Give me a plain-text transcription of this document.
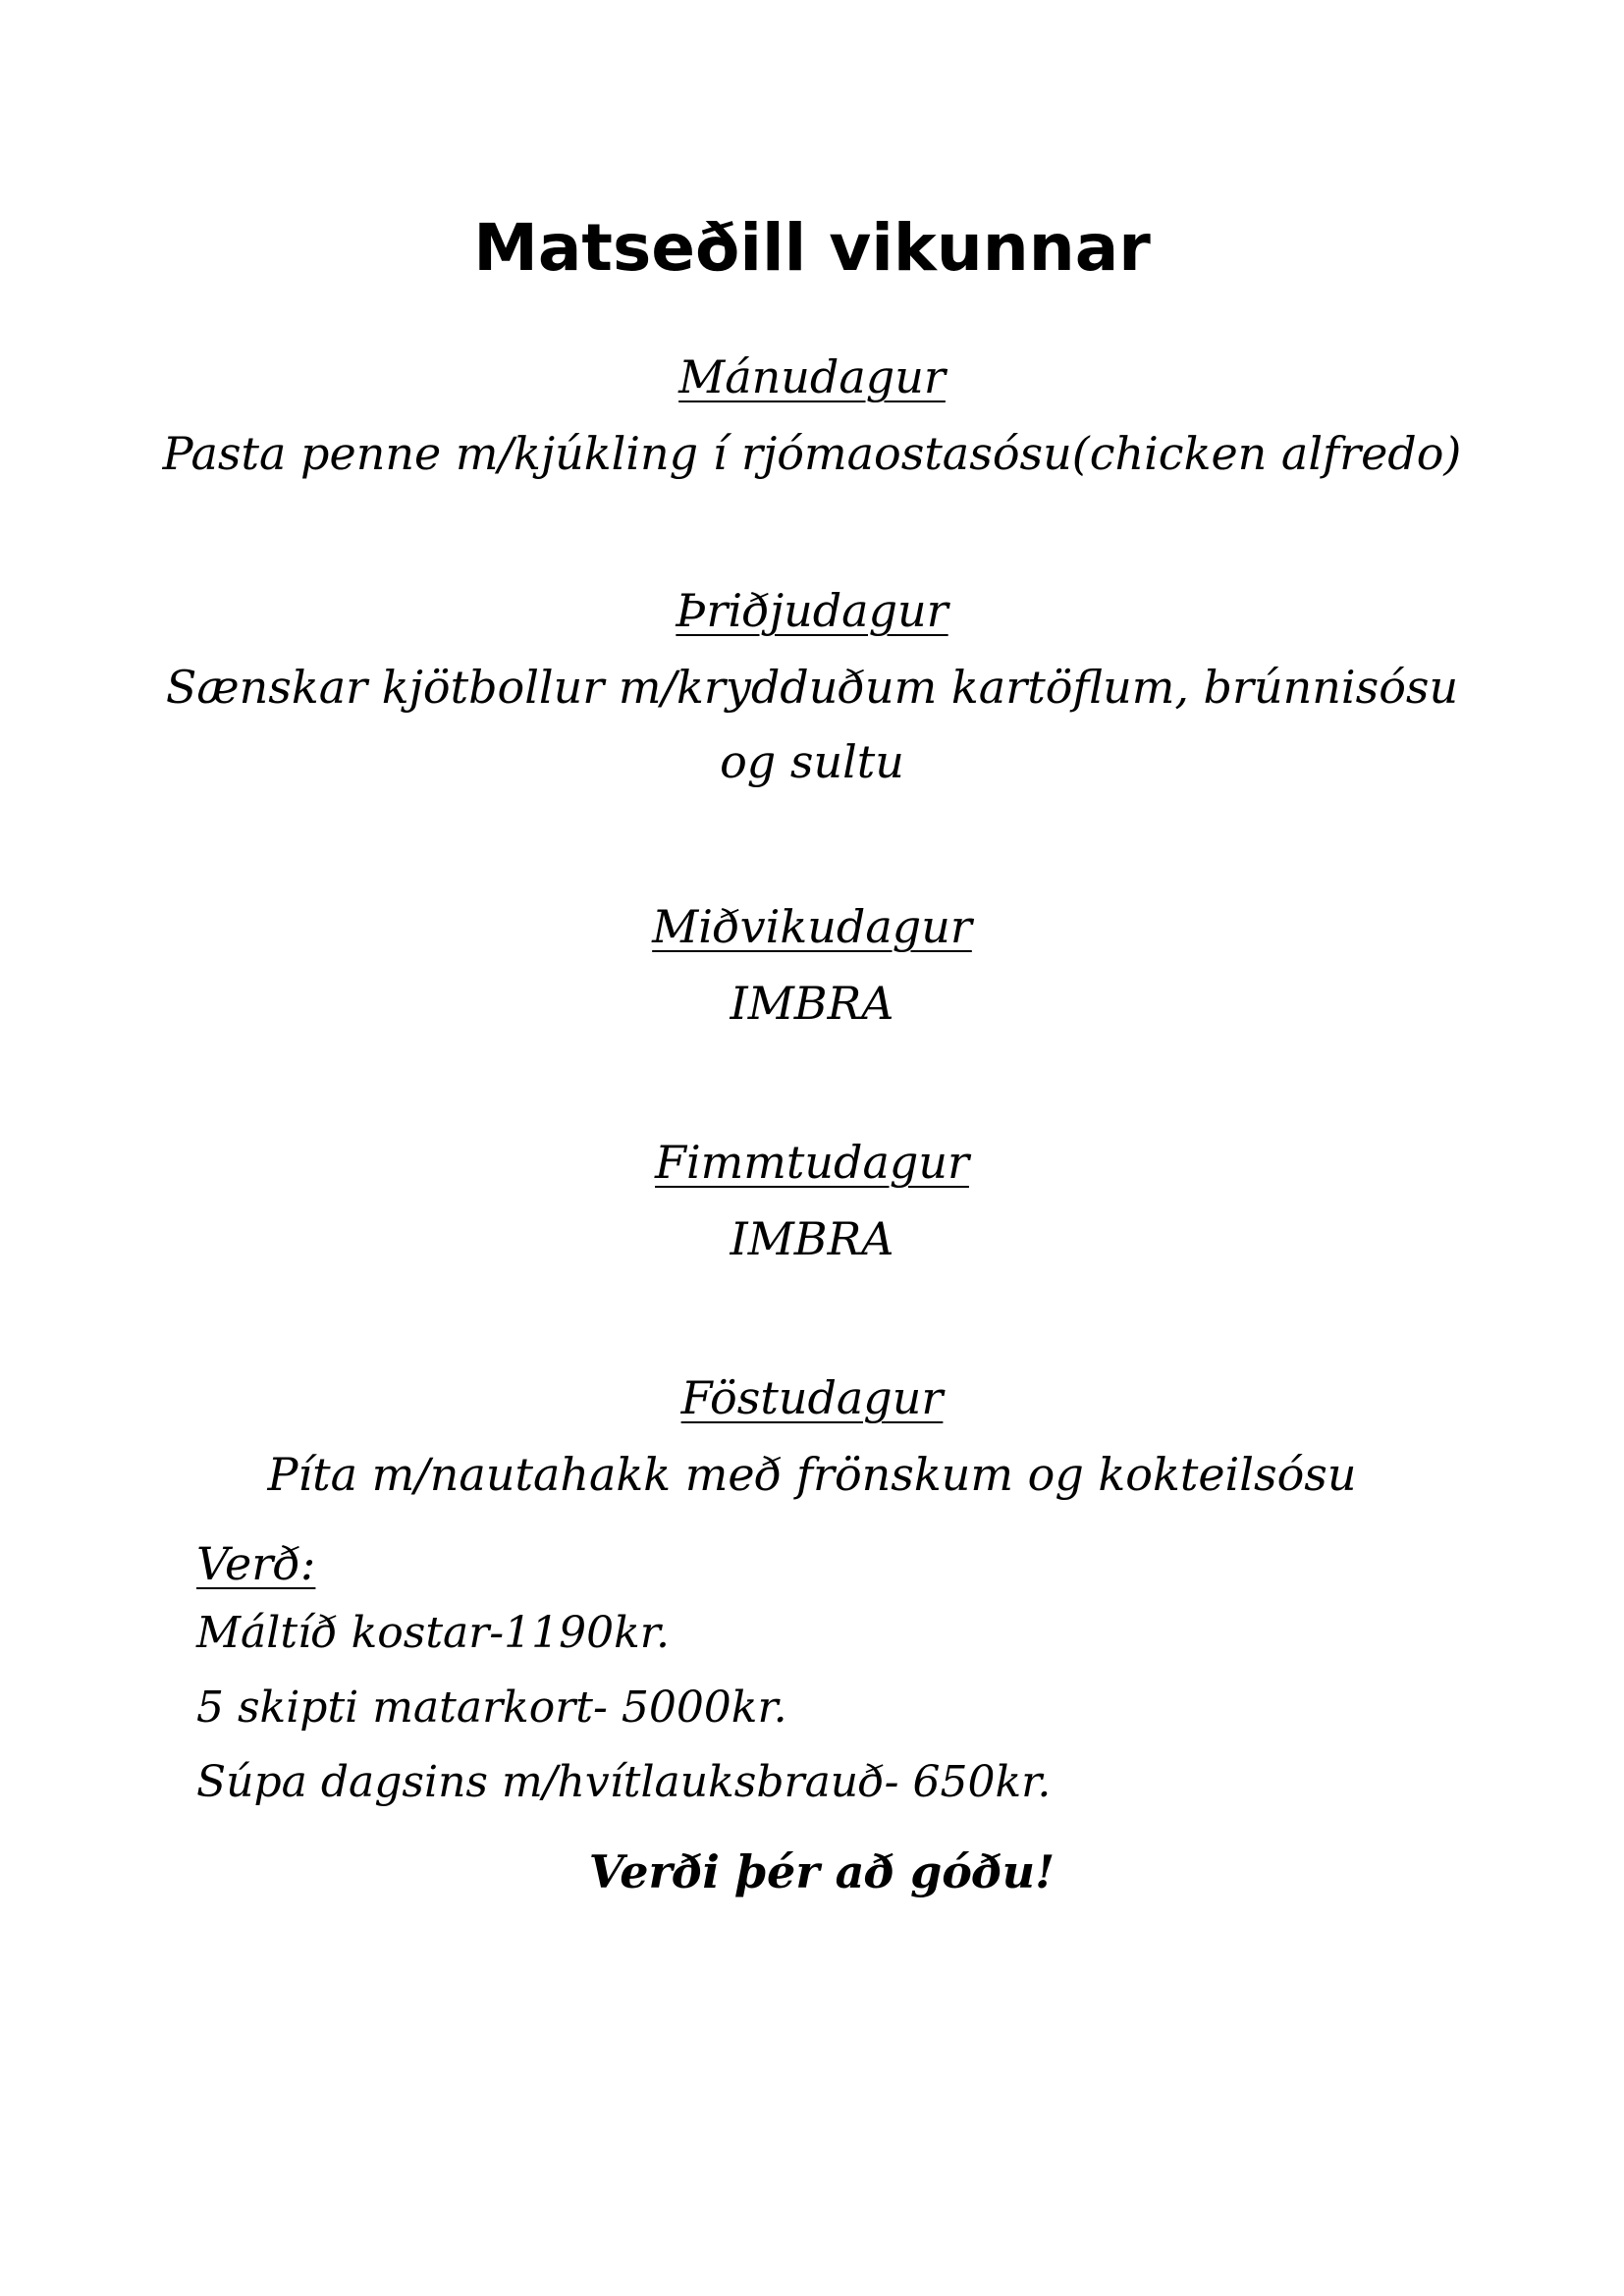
Matseðill vikunnar
Mánudagur
Pasta penne m/kjúkling í rjómaostasósu(chicken alfredo)
Þriðjudagur
Sænskar kjötbollur m/krydduðum kartöflum, brúnnisósu og sultu
Miðvikudagur
IMBRA
Fimmtudagur
IMBRA
Föstudagur
Píta m/nautahakk með frönskum og kokteilsósu
Verð:
Máltíð kostar-1190kr.
5 skipti matarkort- 5000kr.
Súpa dagsins m/hvítlauksbrauð- 650kr.
Verði þér að góðu!
